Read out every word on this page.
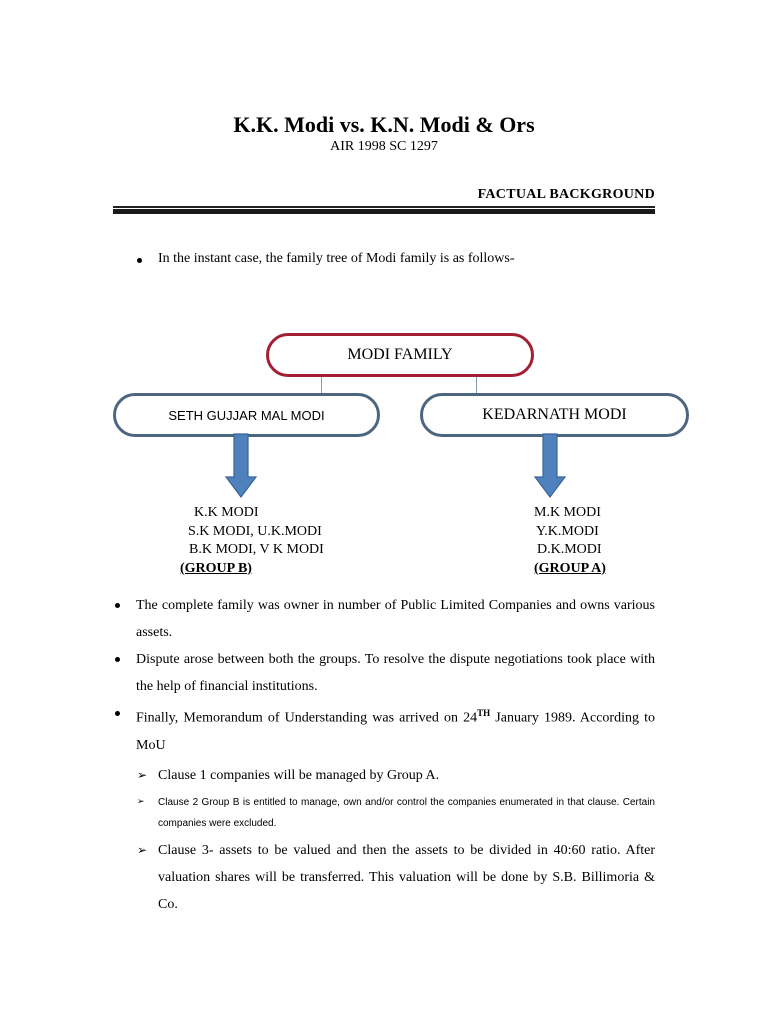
K.K. Modi vs. K.N. Modi & Ors
AIR 1998 SC 1297
FACTUAL BACKGROUND
In the instant case, the family tree of Modi family is as follows-
MODI FAMILY
SETH GUJJAR MAL MODI	KEDARNATH MODI
K.K MODI
S.K MODI, U.K.MODI
B.K MODI, V K MODI
(GROUP B)
M.K MODI
Y.K.MODI
D.K.MODI
(GROUP A)
The complete family was owner in number of Public Limited Companies and owns various assets.
Dispute arose between both the groups. To resolve the dispute negotiations took place with the help of financial institutions.
Finally, Memorandum of Understanding was arrived on 24TH January 1989. According to MoU
➢ Clause 1 companies will be managed by Group A.
➢ Clause 2 Group B is entitled to manage, own and/or control the companies enumerated in that clause. Certain companies were excluded.
➢ Clause 3- assets to be valued and then the assets to be divided in 40:60 ratio. After valuation shares will be transferred. This valuation will be done by S.B. Billimoria & Co.
